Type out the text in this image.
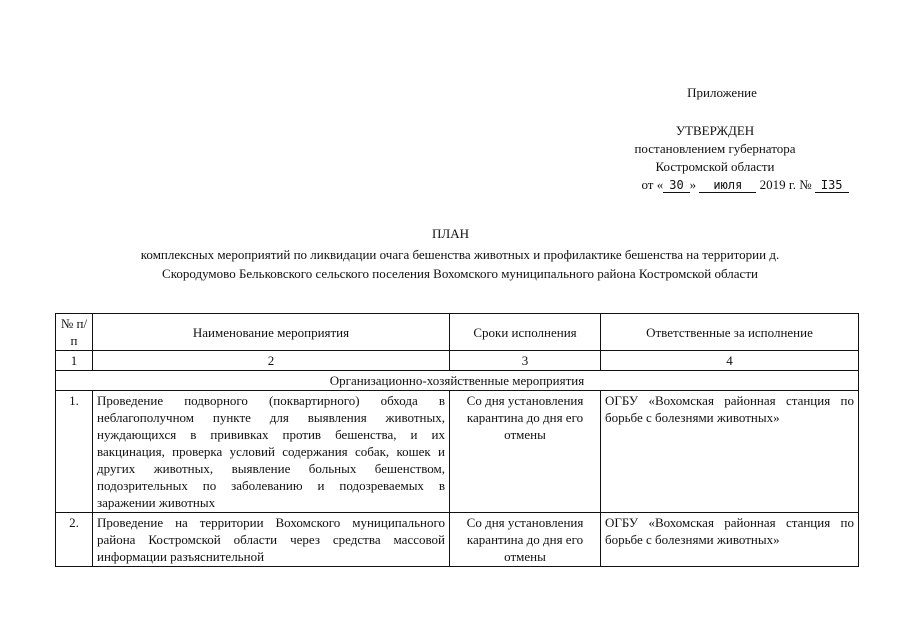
Приложение
УТВЕРЖДЕН
постановлением губернатора
Костромской области
от « 30 » июля 2019 г. № I35
ПЛАН
комплексных мероприятий по ликвидации очага бешенства животных и профилактике бешенства на территории д. Скородумово Бельковского сельского поселения Вохомского муниципального района Костромской области
№ п/п	Наименование мероприятия	Сроки исполнения	Ответственные за исполнение
1	2	3	4
Организационно-хозяйственные мероприятия			
1.	Проведение подворного (поквартирного) обхода в неблагополучном пункте для выявления животных, нуждающихся в прививках против бешенства, и их вакцинация, проверка условий содержания собак, кошек и других животных, выявление больных бешенством, подозрительных по заболеванию и подозреваемых в заражении животных	Со дня установления карантина до дня его отмены	ОГБУ «Вохомская районная станция по борьбе с болезнями животных»
2.	Проведение на территории Вохомского муниципального района Костромской области через средства массовой информации разъяснительной	Со дня установления карантина до дня его отмены	ОГБУ «Вохомская районная станция по борьбе с болезнями животных»
